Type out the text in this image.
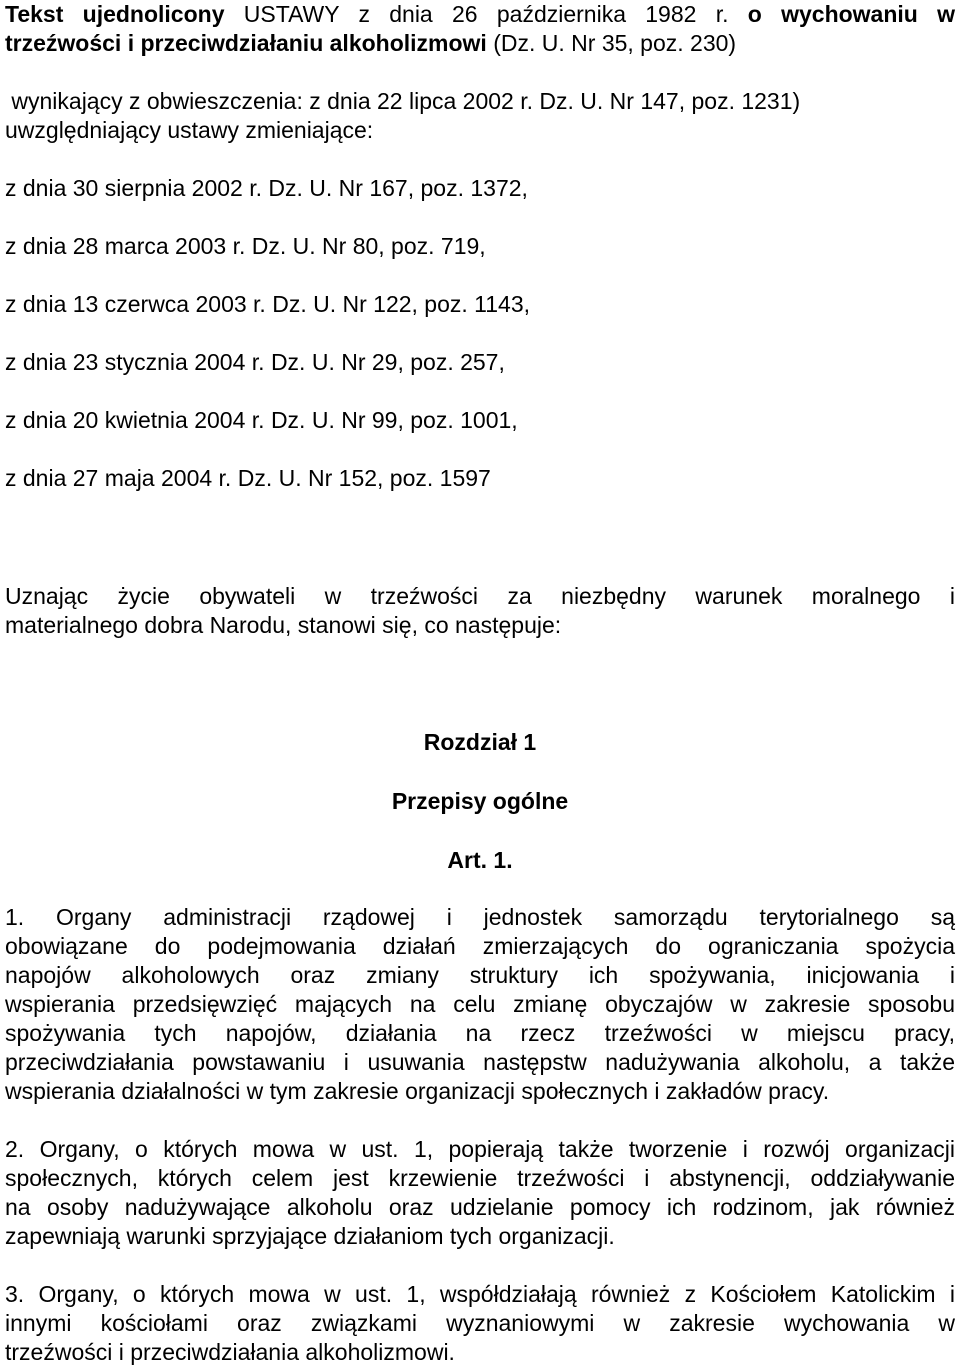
Tekst ujednolicony USTAWY z dnia 26 października 1982 r. o wychowaniu w
trzeźwości i przeciwdziałaniu alkoholizmowi (Dz. U. Nr 35, poz. 230)
wynikający z obwieszczenia: z dnia 22 lipca 2002 r. Dz. U. Nr 147, poz. 1231)
uwzględniający ustawy zmieniające:
z dnia 30 sierpnia 2002 r. Dz. U. Nr 167, poz. 1372,
z dnia 28 marca 2003 r. Dz. U. Nr 80, poz. 719,
z dnia 13 czerwca 2003 r. Dz. U. Nr 122, poz. 1143,
z dnia 23 stycznia 2004 r. Dz. U. Nr 29, poz. 257,
z dnia 20 kwietnia 2004 r. Dz. U. Nr 99, poz. 1001,
z dnia 27 maja 2004 r. Dz. U. Nr 152, poz. 1597
Uznając życie obywateli w trzeźwości za niezbędny warunek moralnego i
materialnego dobra Narodu, stanowi się, co następuje:
Rozdział 1
Przepisy ogólne
Art. 1.
1. Organy administracji rządowej i jednostek samorządu terytorialnego są
obowiązane do podejmowania działań zmierzających do ograniczania spożycia
napojów alkoholowych oraz zmiany struktury ich spożywania, inicjowania i
wspierania przedsięwzięć mających na celu zmianę obyczajów w zakresie sposobu
spożywania tych napojów, działania na rzecz trzeźwości w miejscu pracy,
przeciwdziałania powstawaniu i usuwania następstw nadużywania alkoholu, a także
wspierania działalności w tym zakresie organizacji społecznych i zakładów pracy.
2. Organy, o których mowa w ust. 1, popierają także tworzenie i rozwój organizacji
społecznych, których celem jest krzewienie trzeźwości i abstynencji, oddziaływanie
na osoby nadużywające alkoholu oraz udzielanie pomocy ich rodzinom, jak również
zapewniają warunki sprzyjające działaniom tych organizacji.
3. Organy, o których mowa w ust. 1, współdziałają również z Kościołem Katolickim i
innymi kościołami oraz związkami wyznaniowymi w zakresie wychowania w
trzeźwości i przeciwdziałania alkoholizmowi.
